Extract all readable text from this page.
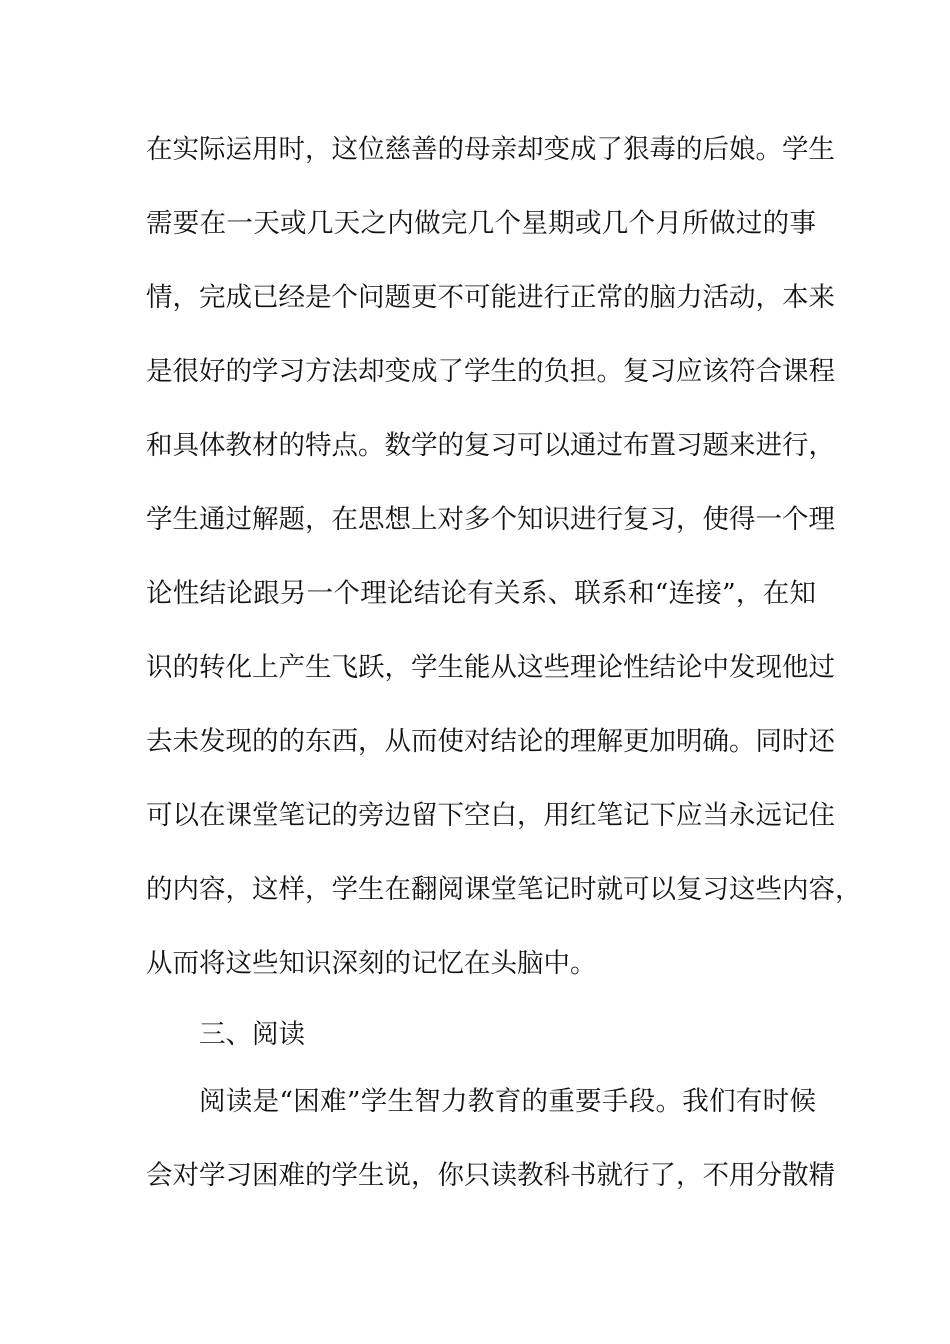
在实际运用时，这位慈善的母亲却变成了狠毒的后娘。学生
需要在一天或几天之内做完几个星期或几个月所做过的事
情，完成已经是个问题更不可能进行正常的脑力活动，本来
是很好的学习方法却变成了学生的负担。复习应该符合课程
和具体教材的特点。数学的复习可以通过布置习题来进行，
学生通过解题，在思想上对多个知识进行复习，使得一个理
论性结论跟另一个理论结论有关系、联系和“连接”，在知
识的转化上产生飞跃，学生能从这些理论性结论中发现他过
去未发现的的东西，从而使对结论的理解更加明确。同时还
可以在课堂笔记的旁边留下空白，用红笔记下应当永远记住
的内容，这样，学生在翻阅课堂笔记时就可以复习这些内容，
从而将这些知识深刻的记忆在头脑中。
三、阅读
阅读是“困难”学生智力教育的重要手段。我们有时候
会对学习困难的学生说，你只读教科书就行了，不用分散精
